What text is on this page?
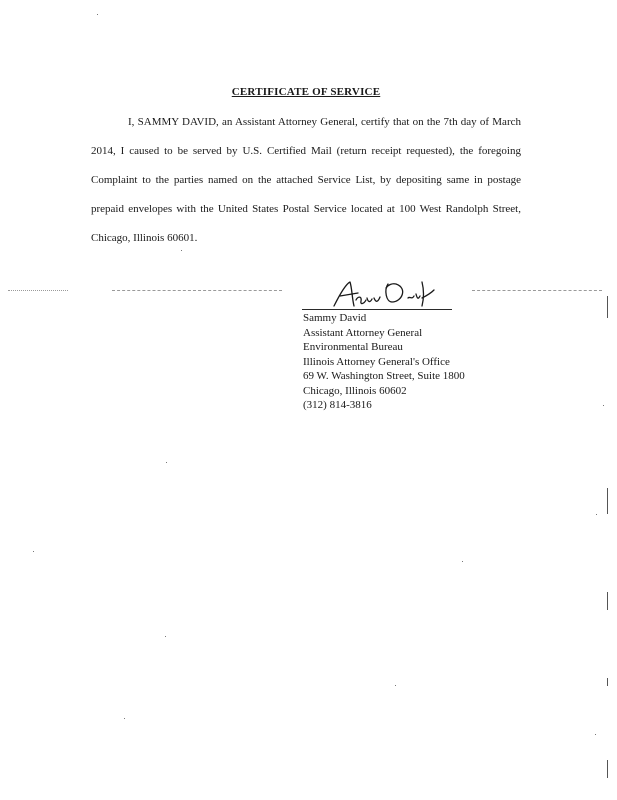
CERTIFICATE OF SERVICE

I, SAMMY DAVID, an Assistant Attorney General, certify that on the 7th day of March 2014, I caused to be served by U.S. Certified Mail (return receipt requested), the foregoing Complaint to the parties named on the attached Service List, by depositing same in postage prepaid envelopes with the United States Postal Service located at 100 West Randolph Street, Chicago, Illinois 60601.

Sammy David
Assistant Attorney General
Environmental Bureau
Illinois Attorney General's Office
69 W. Washington Street, Suite 1800
Chicago, Illinois 60602
(312) 814-3816
